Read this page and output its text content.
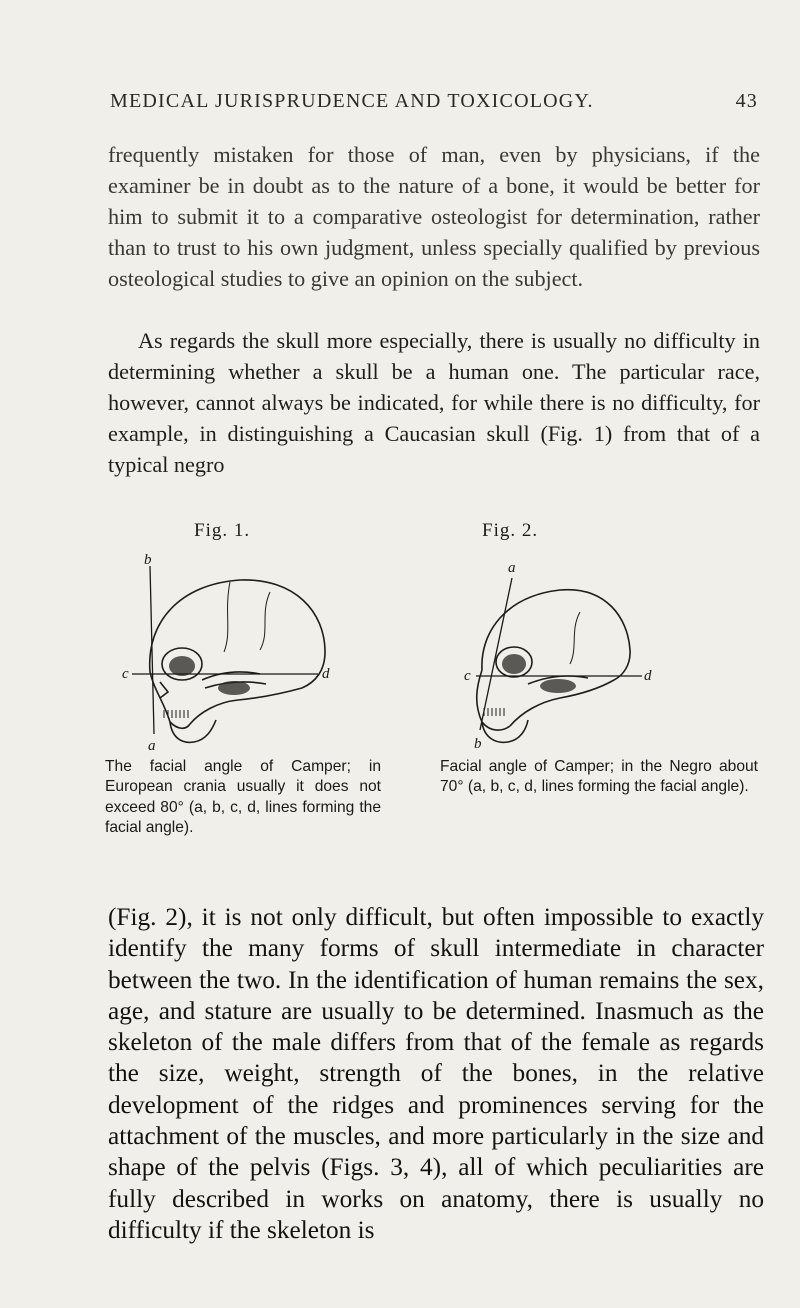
MEDICAL JURISPRUDENCE AND TOXICOLOGY.	43

frequently mistaken for those of man, even by physicians, if the examiner be in doubt as to the nature of a bone, it would be better for him to submit it to a comparative osteologist for determination, rather than to trust to his own judgment, unless specially qualified by previous osteological studies to give an opinion on the subject.

As regards the skull more especially, there is usually no difficulty in determining whether a skull be a human one. The particular race, however, cannot always be indicated, for while there is no difficulty, for example, in distinguishing a Caucasian skull (Fig. 1) from that of a typical negro

Fig. 1.	Fig. 2.
b
c	d
a
a
c	d
b

The facial angle of Camper; in European crania usually it does not exceed 80° (a, b, c, d, lines forming the facial angle).

Facial angle of Camper; in the Negro about 70° (a, b, c, d, lines forming the facial angle).

(Fig. 2), it is not only difficult, but often impossible to exactly identify the many forms of skull intermediate in character between the two. In the identification of human remains the sex, age, and stature are usually to be determined. Inasmuch as the skeleton of the male differs from that of the female as regards the size, weight, strength of the bones, in the relative development of the ridges and prominences serving for the attachment of the muscles, and more particularly in the size and shape of the pelvis (Figs. 3, 4), all of which peculiarities are fully described in works on anatomy, there is usually no difficulty if the skeleton is
